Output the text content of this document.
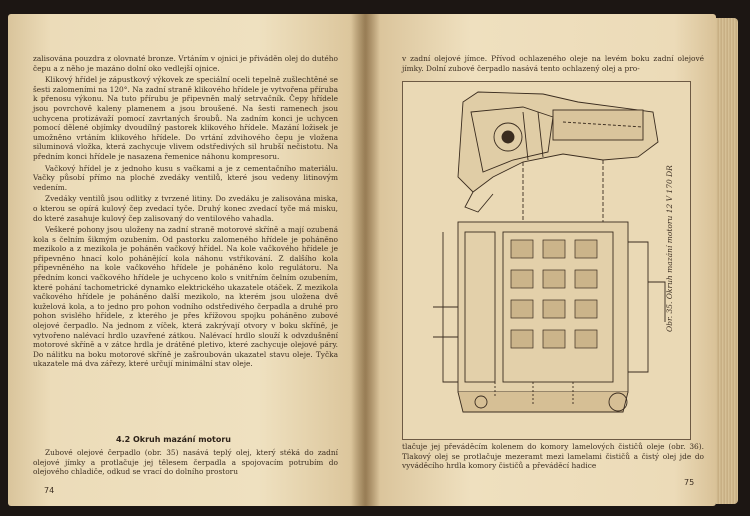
zalisována pouzdra z olovnaté bronze. Vrtáním v ojnici je přiváděn olej do dutého čepu a z něho je mazáno dolní oko vedlejší ojnice.

Klikový hřídel je zápustkový výkovek ze speciální oceli tepelně zušlechtěné se šesti zalomeními na 120°. Na zadní straně klikového hřídele je vytvořena příruba k přenosu výkonu. Na tuto přírubu je připevněn malý setrvačník. Čepy hřídele jsou povrchově kaleny plamenem a jsou broušené. Na šesti ramenech jsou uchycena protizávaží pomocí zavrtaných šroubů. Na zadním konci je uchycen pomocí dělené objímky dvoudílný pastorek klikového hřídele. Mazání ložisek je umožněno vrtáním klikového hřídele. Do vrtání zdvihového čepu je vložena siluminová vložka, která zachycuje vlivem odstředivých sil hrubší nečistotu. Na předním konci hřídele je nasazena řemenice náhonu kompresoru.

Vačkový hřídel je z jednoho kusu s vačkami a je z cementačního materiálu. Vačky působí přímo na ploché zvedáky ventilů, které jsou vedeny litinovým vedením.

Zvedáky ventilů jsou odlitky z tvrzené litiny. Do zvedáku je zalisována miska, o kterou se opírá kulový čep zvedací tyče. Druhý konec zvedací tyče má misku, do které zasahuje kulový čep zalisovaný do ventilového vahadla.

Veškeré pohony jsou uloženy na zadní straně motorové skříně a mají ozubená kola s čelním šikmým ozubením. Od pastorku zalomeného hřídele je poháněno mezikolo a z mezikola je poháněn vačkový hřídel. Na kole vačkového hřídele je připevněno hnací kolo pohánějící kola náhonu vstřikování. Z dalšího kola připevněného na kole vačkového hřídele je poháněno kolo regulátoru. Na předním konci vačkového hřídele je uchyceno kolo s vnitřním čelním ozubením, které pohání tachometrické dynamko elektrického ukazatele otáček. Z mezikola vačkového hřídele je poháněno další mezikolo, na kterém jsou uložena dvě kuželová kola, a to jedno pro pohon vodního odstředivého čerpadla a druhé pro pohon svislého hřídele, z kterého je přes křížovou spojku poháněno zubové olejové čerpadlo. Na jednom z víček, která zakrývají otvory v boku skříně, je vytvořeno nalévací hrdlo uzavřené zátkou. Nalévací hrdlo slouží k odvzdušnění motorové skříně a v zátce hrdla je drátěné pletivo, které zachycuje olejové páry. Do nálitku na boku motorové skříně je zašroubován ukazatel stavu oleje. Tyčka ukazatele má dva zářezy, které určují minimální stav oleje.

4.2 Okruh mazání motoru

Zubové olejové čerpadlo (obr. 35) nasává teplý olej, který stéká do zadní olejové jímky a protlačuje jej tělesem čerpadla a spojovacím potrubím do olejového chladiče, odkud se vrací do dolního prostoru

74

v zadní olejové jímce. Přívod ochlazeného oleje na levém boku zadní olejové jímky. Dolní zubové čerpadlo nasává tento ochlazený olej a pro-

Obr. 35. Okruh mazání motoru 12 V 170 DR

tlačuje jej převáděcím kolenem do komory lamelových čističů oleje (obr. 36). Tlakový olej se protlačuje mezeramt mezi lamelami čističů a čistý olej jde do vyváděcího hrdla komory čističů a převáděcí hadice

75
